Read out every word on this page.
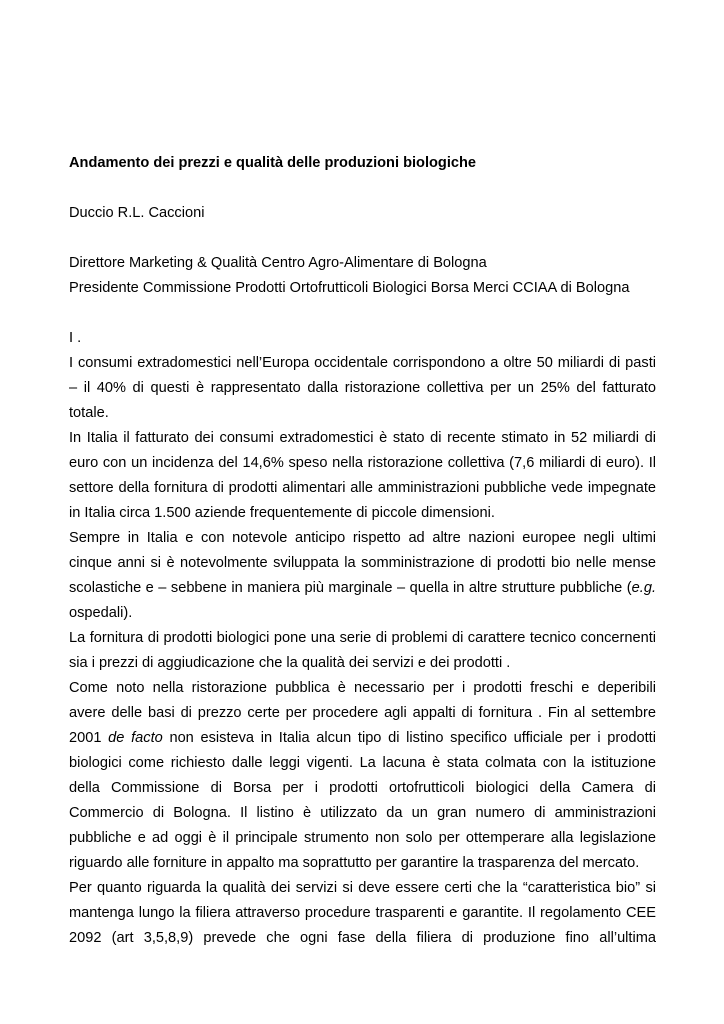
Andamento dei prezzi e qualità delle produzioni biologiche
Duccio R.L. Caccioni
Direttore Marketing & Qualità Centro Agro-Alimentare di Bologna
Presidente Commissione Prodotti Ortofrutticoli Biologici Borsa Merci CCIAA di Bologna
I .
I consumi extradomestici nell’Europa occidentale corrispondono a oltre 50 miliardi di pasti
– il 40% di questi è rappresentato dalla ristorazione collettiva per un 25% del fatturato
totale.
In Italia il fatturato dei consumi extradomestici è stato di recente stimato in 52 miliardi di
euro con un incidenza del 14,6% speso nella ristorazione collettiva (7,6 miliardi di euro). Il
settore della fornitura di prodotti alimentari alle amministrazioni pubbliche vede impegnate
in Italia circa 1.500 aziende frequentemente di piccole dimensioni.
Sempre in Italia e con notevole anticipo rispetto ad altre nazioni europee negli ultimi
cinque anni si è notevolmente sviluppata la somministrazione di prodotti bio nelle mense
scolastiche e – sebbene in maniera più marginale – quella in altre strutture pubbliche (e.g.
ospedali).
La fornitura di prodotti biologici pone una serie di problemi di carattere tecnico concernenti
sia i prezzi di aggiudicazione che la qualità dei servizi e dei prodotti .
Come noto nella ristorazione pubblica è necessario per i prodotti freschi e deperibili
avere delle basi di prezzo certe per procedere agli appalti di fornitura . Fin al settembre
2001 de facto non esisteva in Italia alcun tipo di listino specifico ufficiale per i prodotti
biologici come richiesto dalle leggi vigenti. La lacuna è stata colmata con la istituzione
della Commissione di Borsa per i prodotti ortofrutticoli biologici della Camera di
Commercio di Bologna. Il listino è utilizzato da un gran numero di amministrazioni
pubbliche e ad oggi è il principale strumento non solo per ottemperare alla legislazione
riguardo alle forniture in appalto ma soprattutto per garantire la trasparenza del mercato.
Per quanto riguarda la qualità dei servizi si deve essere certi che la “caratteristica bio” si
mantenga lungo la filiera attraverso procedure trasparenti e garantite. Il regolamento CEE
2092 (art 3,5,8,9) prevede che ogni fase della filiera di produzione fino all’ultima
